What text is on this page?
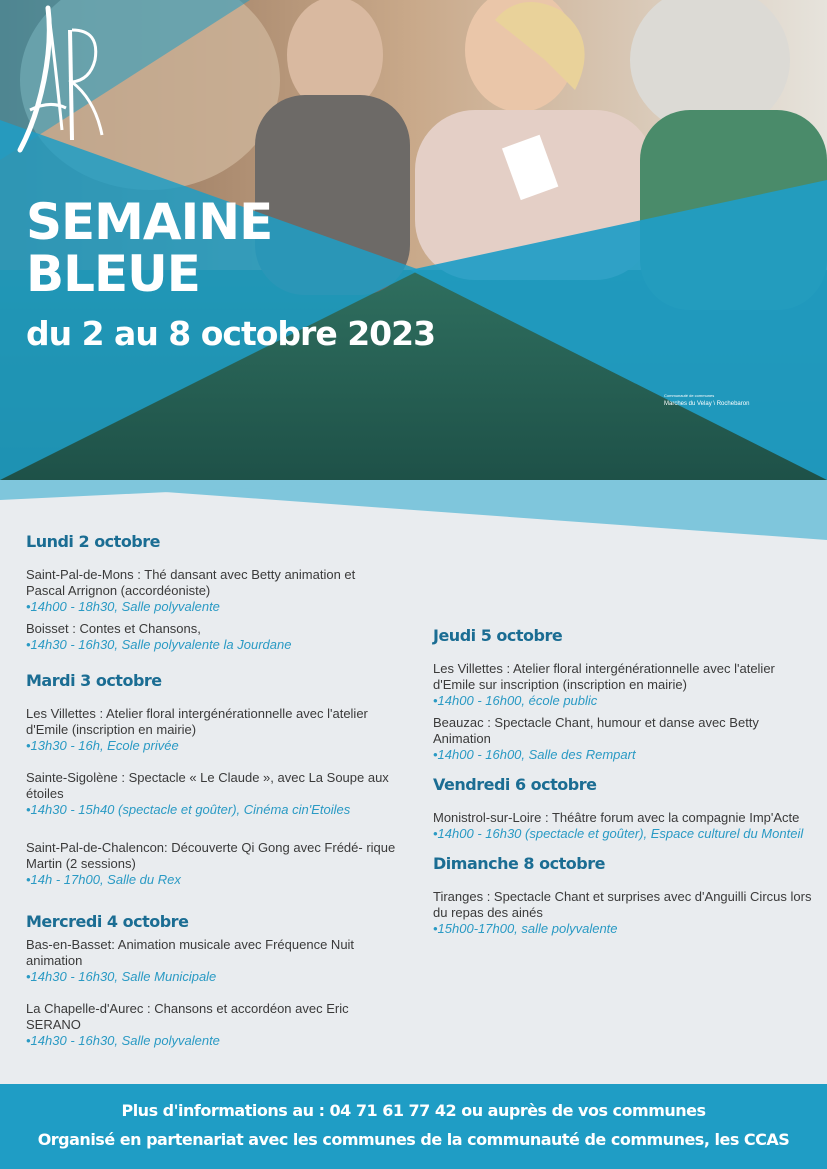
SEMAINE
BLEUE
du 2 au 8 octobre 2023
Communauté de communes
Marches du Velay \ Rochebaron
Lundi 2 octobre
Saint-Pal-de-Mons : Thé dansant avec Betty animation et Pascal Arrignon (accordéoniste)
•14h00 - 18h30, Salle polyvalente
Boisset : Contes et Chansons,
•14h30 - 16h30, Salle polyvalente la Jourdane
Mardi 3 octobre
Les Villettes : Atelier floral intergénérationnelle avec l'atelier d'Emile (inscription en mairie)
•13h30 - 16h, Ecole privée
Sainte-Sigolène : Spectacle « Le Claude », avec La Soupe aux étoiles
•14h30 - 15h40 (spectacle et goûter), Cinéma cin'Etoiles
Saint-Pal-de-Chalencon: Découverte Qi Gong avec Frédé- rique Martin (2 sessions)
•14h - 17h00, Salle du Rex
Mercredi 4 octobre
Bas-en-Basset: Animation musicale avec Fréquence Nuit animation
•14h30 - 16h30, Salle Municipale
La Chapelle-d'Aurec : Chansons et accordéon avec Eric SERANO
•14h30 - 16h30, Salle polyvalente
Jeudi 5 octobre
Les Villettes : Atelier floral intergénérationnelle avec l'atelier d'Emile sur inscription (inscription en mairie)
•14h00 - 16h00, école public
Beauzac : Spectacle Chant, humour et danse avec Betty Animation
•14h00 - 16h00, Salle des Rempart
Vendredi 6 octobre
Monistrol-sur-Loire : Théâtre forum avec la compagnie Imp'Acte
•14h00 - 16h30 (spectacle et goûter), Espace culturel du Monteil
Dimanche 8 octobre
Tiranges : Spectacle Chant et surprises avec d'Anguilli Circus lors du repas des ainés
•15h00-17h00, salle polyvalente

Plus d'informations au : 04 71 61 77 42 ou auprès de vos communes

Organisé en partenariat avec les communes de la communauté de communes, les CCAS
